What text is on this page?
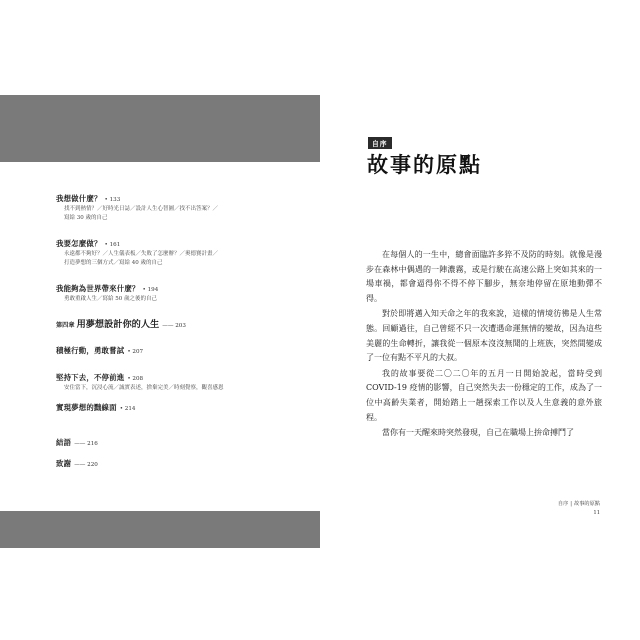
我想做什麼？ • 133
找不到熱情？／好時光日誌／設計人生心智圖／找不出答案？／
寫給 30 歲的自己
我要怎麼做？ • 161
永遠都不夠好？／人生儀表板／失敗了怎麼辦？／奧德賽計畫／
打造夢想的三個方式／寫給 40 歲的自己
我能夠為世界帶來什麼？ • 194
勇敢重啟人生／寫給 50 歲之後的自己
第四章 用夢想設計你的人生 —— 203
積極行動，勇敢嘗試 • 207
堅持下去，不停前進 • 208
安住當下，沉浸心流／誠實表述，捨棄完美／時刻覺察，觀喜感恩
實現夢想的黜線面 • 214
結語 —— 216
致謝 —— 220
自序
故事的原點

在每個人的一生中，總會面臨許多猝不及防的時刻。就像是漫步在森林中偶遇的一陣濃霧，或是行駛在高速公路上突如其來的一場車禍，都會逼得你不得不停下腳步，無奈地停留在原地動彈不得。

對於即將邁入知天命之年的我來說，這樣的情境彷彿是人生常態。回顧過往，自己曾經不只一次遭遇命運無情的變故，因為這些美麗的生命轉折，讓我從一個原本沒沒無聞的上班族，突然間變成了一位有點不平凡的大叔。

我的故事要從二〇二〇年的五月一日開始說起，當時受到 COVID-19 疫情的影響，自己突然失去一份穩定的工作，成為了一位中高齡失業者，開始踏上一趟探索工作以及人生意義的意外旅程。

當你有一天醒來時突然發現，自己在職場上拚命搏鬥了

自序 | 故事的原點
11
